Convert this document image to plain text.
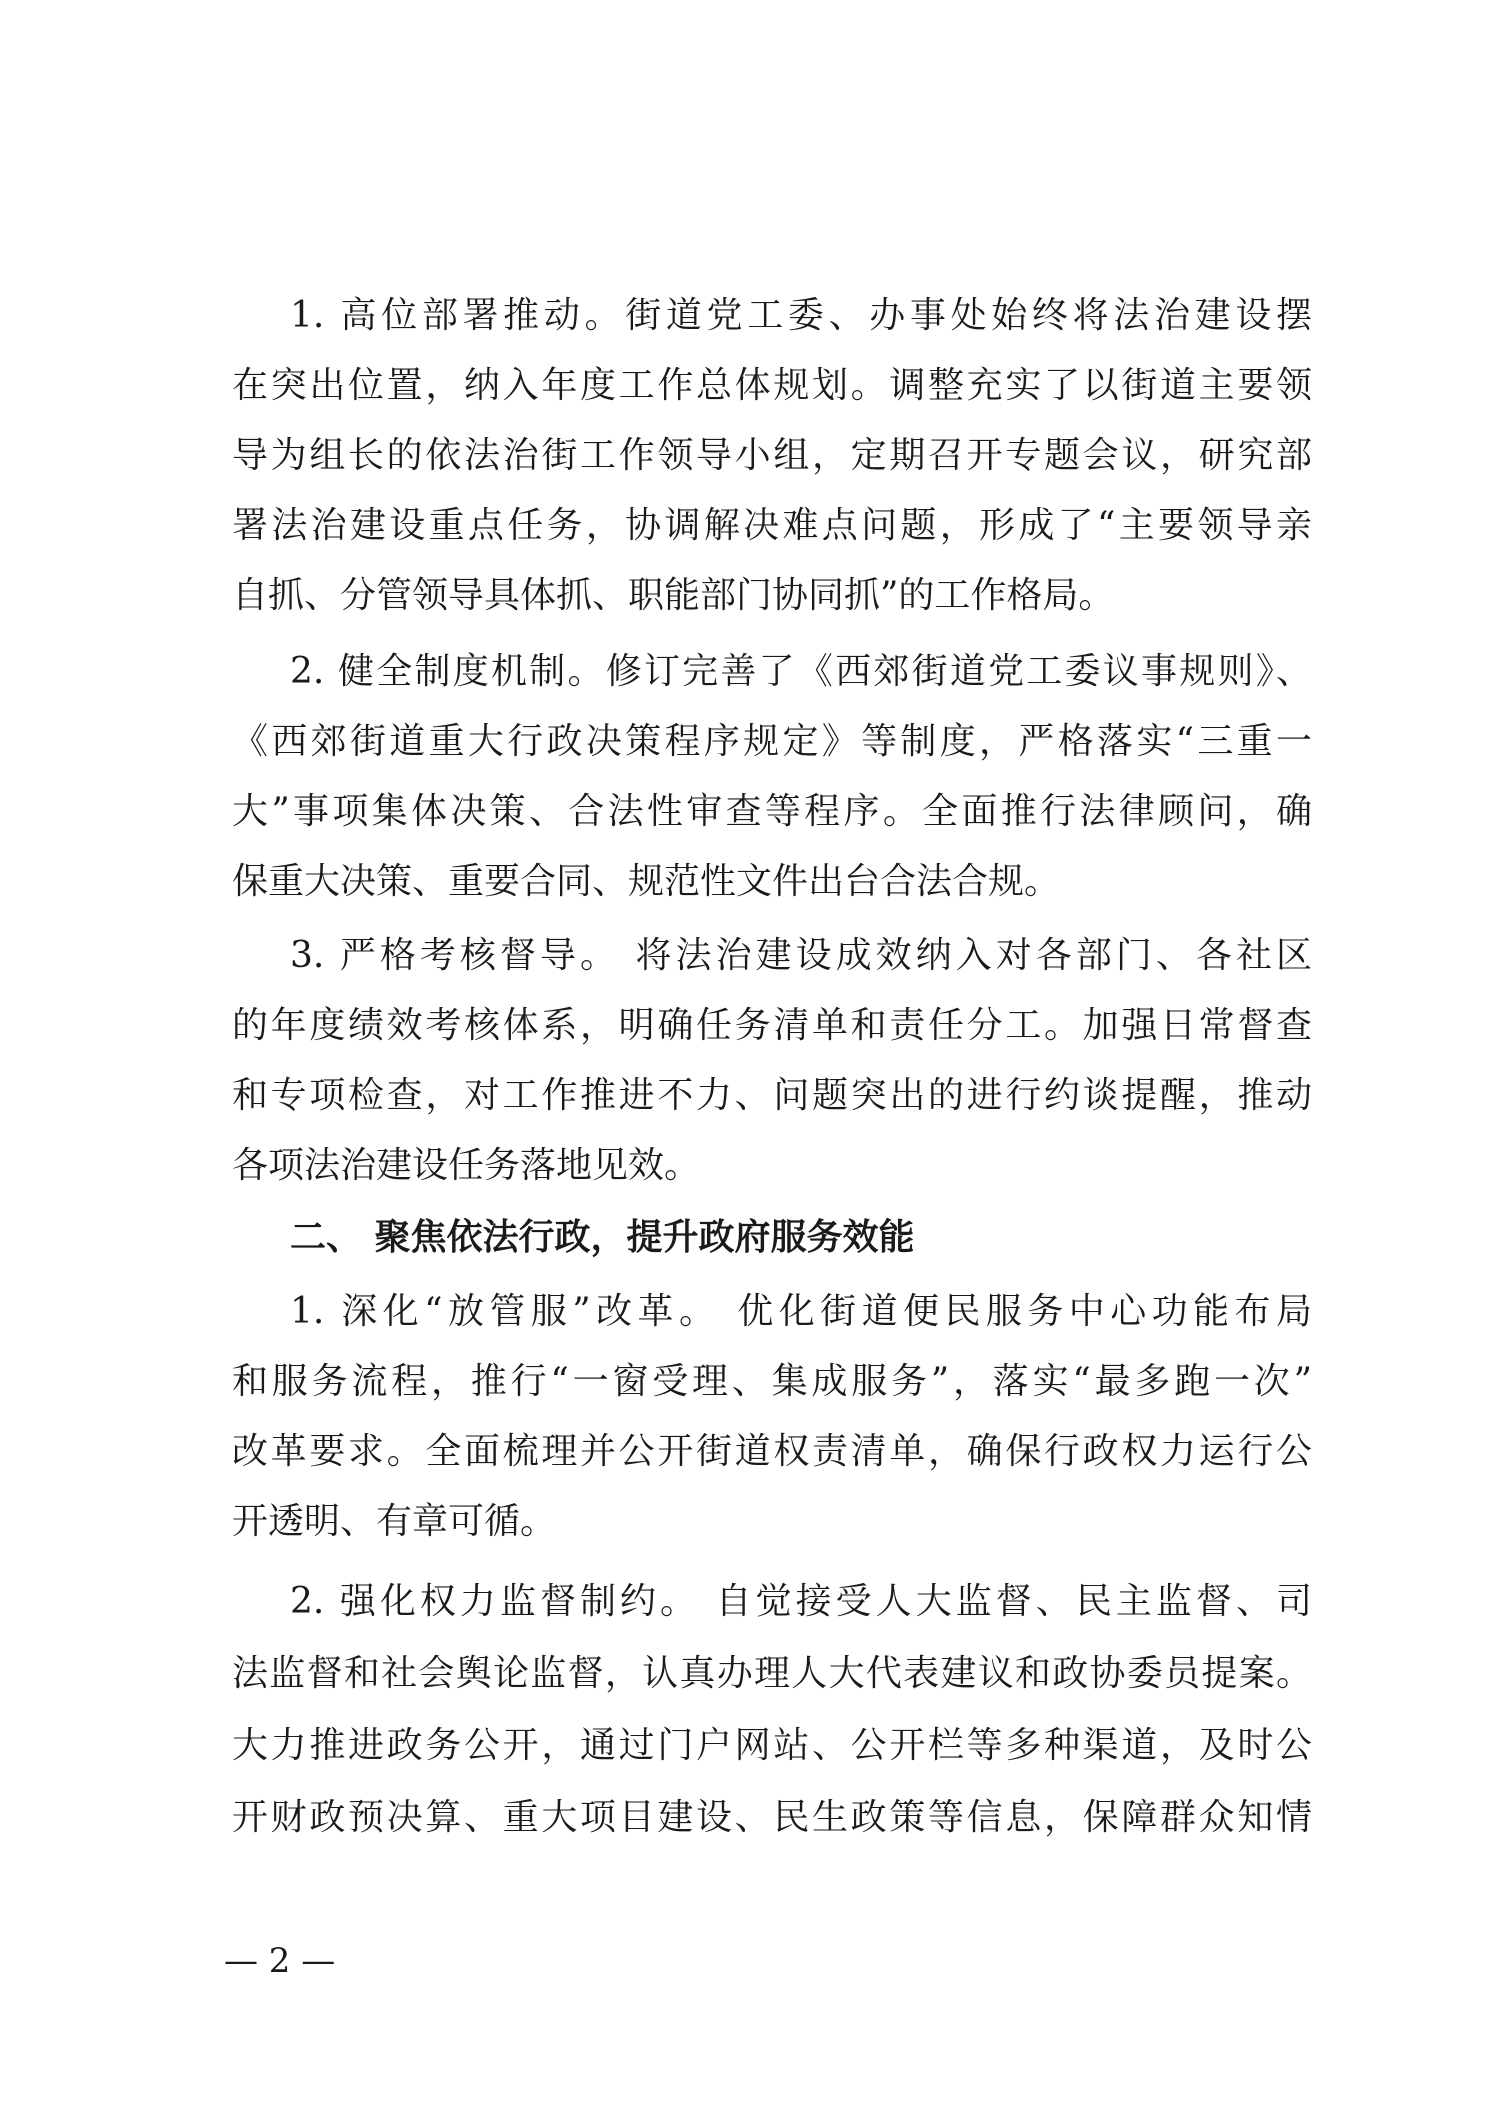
1. 高位部署推动。街道党工委、办事处始终将法治建设摆
在突出位置，纳入年度工作总体规划。调整充实了以街道主要领
导为组长的依法治街工作领导小组，定期召开专题会议，研究部
署法治建设重点任务，协调解决难点问题，形成了“主要领导亲
自抓、分管领导具体抓、职能部门协同抓”的工作格局。
2. 健全制度机制。修订完善了《西郊街道党工委议事规则》、
《西郊街道重大行政决策程序规定》等制度，严格落实“三重一
大”事项集体决策、合法性审查等程序。全面推行法律顾问，确
保重大决策、重要合同、规范性文件出台合法合规。
3. 严格考核督导。 将法治建设成效纳入对各部门、各社区
的年度绩效考核体系，明确任务清单和责任分工。加强日常督查
和专项检查，对工作推进不力、问题突出的进行约谈提醒，推动
各项法治建设任务落地见效。
二、 聚焦依法行政，提升政府服务效能
1. 深化“放管服”改革。 优化街道便民服务中心功能布局
和服务流程，推行“一窗受理、集成服务”，落实“最多跑一次”
改革要求。全面梳理并公开街道权责清单，确保行政权力运行公
开透明、有章可循。
2. 强化权力监督制约。 自觉接受人大监督、民主监督、司
法监督和社会舆论监督，认真办理人大代表建议和政协委员提案。
大力推进政务公开，通过门户网站、公开栏等多种渠道，及时公
开财政预决算、重大项目建设、民生政策等信息，保障群众知情
— 2 —
